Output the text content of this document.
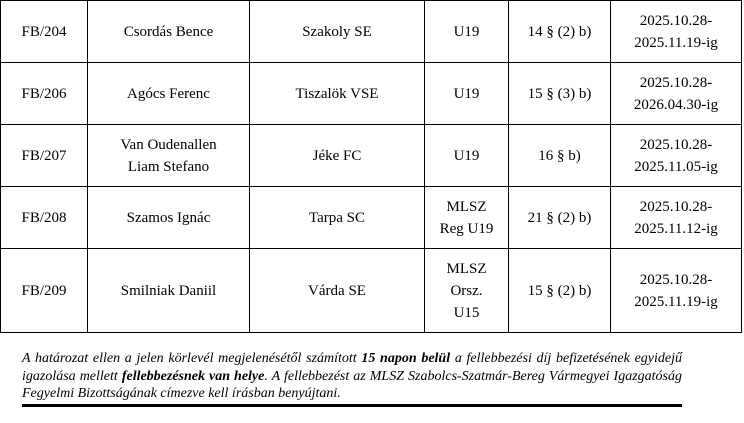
FB/204	Csordás Bence	Szakoly SE	U19	14 § (2) b)	2025.10.28-
2025.11.19-ig
FB/206	Agócs Ferenc	Tiszalök VSE	U19	15 § (3) b)	2025.10.28-
2026.04.30-ig
FB/207	Van Oudenallen
Liam Stefano	Jéke FC	U19	16 § b)	2025.10.28-
2025.11.05-ig
FB/208	Szamos Ignác	Tarpa SC	MLSZ
Reg U19	21 § (2) b)	2025.10.28-
2025.11.12-ig
FB/209	Smilniak Daniil	Várda SE	MLSZ
Orsz.
U15	15 § (2) b)	2025.10.28-
2025.11.19-ig
A határozat ellen a jelen körlevél megjelenésétől számított 15 napon belül a fellebbezési díj befizetésének egyidejű igazolása mellett fellebbezésnek van helye. A fellebbezést az MLSZ Szabolcs-Szatmár-Bereg Vármegyei Igazgatóság Fegyelmi Bizottságának címezve kell írásban benyújtani.
